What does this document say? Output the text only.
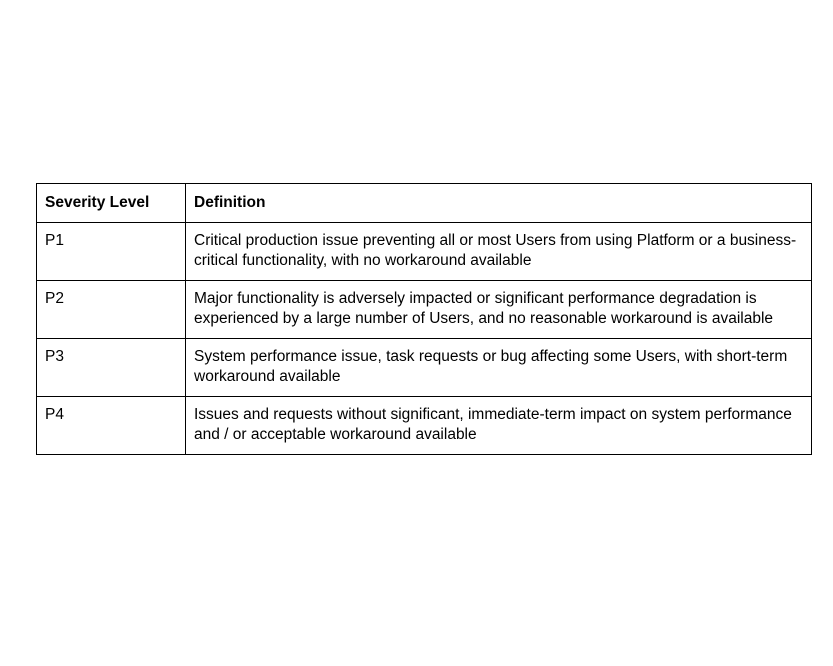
Severity Level	Definition
P1	Critical production issue preventing all or most Users from using Platform or a business-critical functionality, with no workaround available

P2	Major functionality is adversely impacted or significant performance degradation is experienced by a large number of Users, and no reasonable workaround is available

P3	System performance issue, task requests or bug affecting some Users, with short-term workaround available

P4	Issues and requests without significant, immediate-term impact on system performance and / or acceptable workaround available
